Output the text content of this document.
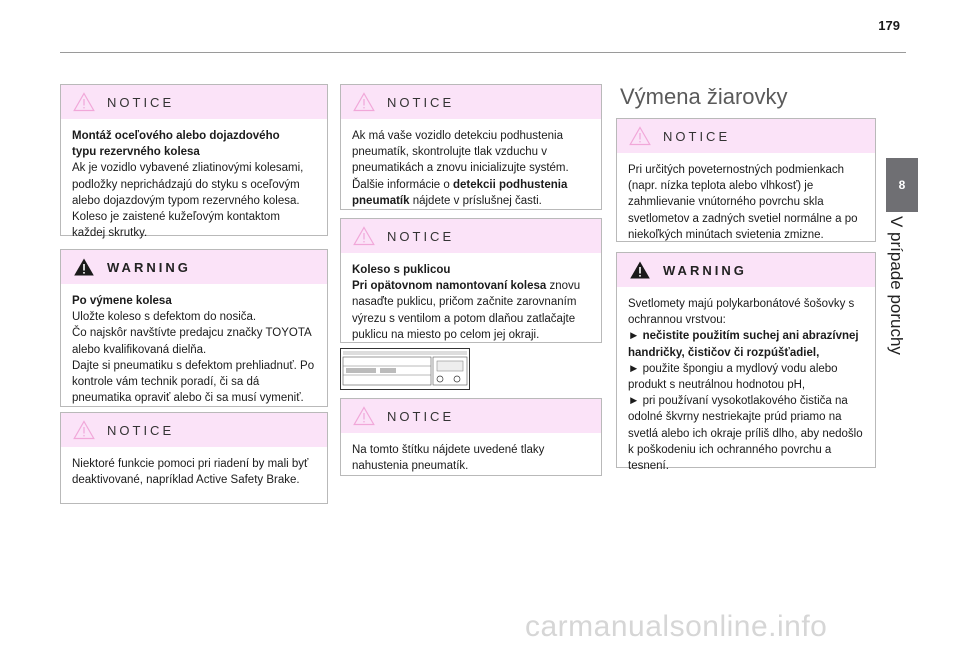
179
8
V prípade poruchy
NOTICE

Montáž oceľového alebo dojazdového
typu rezervného kolesa

Ak je vozidlo vybavené zliatinovými kolesami, podložky neprichádzajú do styku s oceľovým alebo dojazdovým typom rezervného kolesa. Koleso je zaistené kužeľovým kontaktom každej skrutky.

WARNING

Po výmene kolesa

Uložte koleso s defektom do nosiča.

Čo najskôr navštívte predajcu značky TOYOTA alebo kvalifikovaná dielňa.

Dajte si pneumatiku s defektom prehliadnuť. Po kontrole vám technik poradí, či sa dá pneumatika opraviť alebo či sa musí vymeniť.

NOTICE

Niektoré funkcie pomoci pri riadení by mali byť deaktivované, napríklad Active Safety Brake.

NOTICE

Ak má vaše vozidlo detekciu podhustenia pneumatík, skontrolujte tlak vzduchu v pneumatikách a znovu inicializujte systém. Ďalšie informácie o detekcii podhustenia pneumatík nájdete v príslušnej časti.

NOTICE

Koleso s puklicou

Pri opätovnom namontovaní kolesa znovu nasaďte puklicu, pričom začnite zarovnaním výrezu s ventilom a potom dlaňou zatlačajte puklicu na miesto po celom jej okraji.

NOTICE

Na tomto štítku nájdete uvedené tlaky nahustenia pneumatík.

Výmena žiarovky
NOTICE

Pri určitých poveternostných podmienkach (napr. nízka teplota alebo vlhkosť) je zahmlievanie vnútorného povrchu skla svetlometov a zadných svetiel normálne a po niekoľkých minútach svietenia zmizne.

WARNING

Svetlomety majú polykarbonátové šošovky s ochrannou vrstvou:

► nečistite použitím suchej ani abrazívnej handričky, čističov či rozpúšťadiel,

► použite špongiu a mydlový vodu alebo produkt s neutrálnou hodnotou pH,

► pri používaní vysokotlakového čističa na odolné škvrny nestriekajte prúd priamo na svetlá alebo ich okraje príliš dlho, aby nedošlo k poškodeniu ich ochranného povrchu a tesnení.

carmanualsonline.info
